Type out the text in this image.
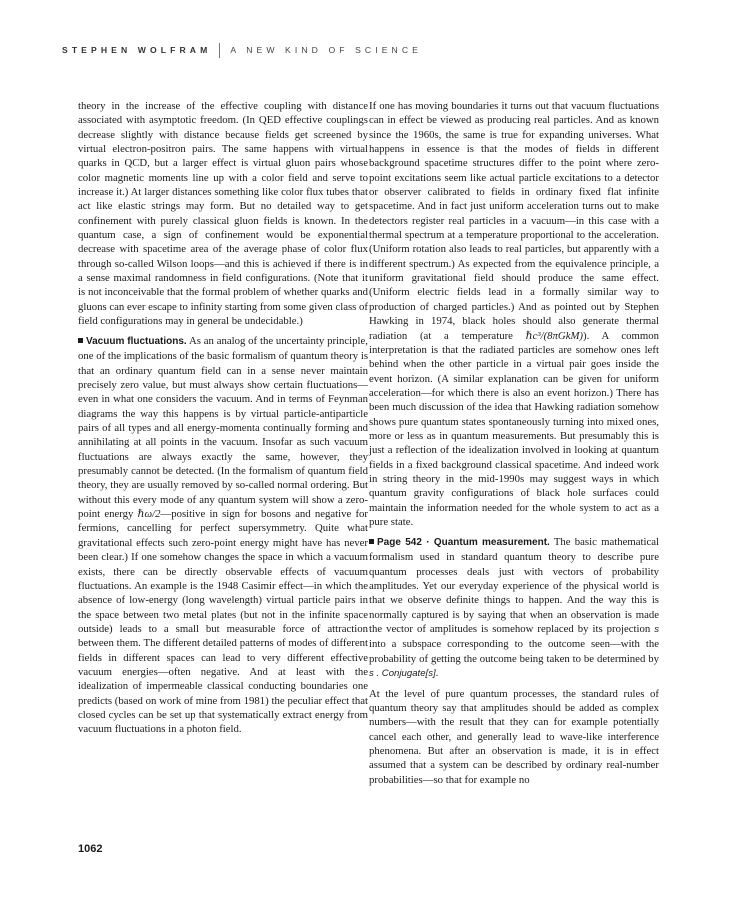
STEPHEN WOLFRAM A NEW KIND OF SCIENCE

theory in the increase of the effective coupling with distance associated with asymptotic freedom. (In QED effective couplings decrease slightly with distance because fields get screened by virtual electron-positron pairs. The same happens with virtual quarks in QCD, but a larger effect is virtual gluon pairs whose color magnetic moments line up with a color field and serve to increase it.) At larger distances something like color flux tubes that act like elastic strings may form. But no detailed way to get confinement with purely classical gluon fields is known. In the quantum case, a sign of confinement would be exponential decrease with spacetime area of the average phase of color flux through so-called Wilson loops—and this is achieved if there is in a sense maximal randomness in field configurations. (Note that it is not inconceivable that the formal problem of whether quarks and gluons can ever escape to infinity starting from some given class of field configurations may in general be undecidable.)

Vacuum fluctuations. As an analog of the uncertainty principle, one of the implications of the basic formalism of quantum theory is that an ordinary quantum field can in a sense never maintain precisely zero value, but must always show certain fluctuations—even in what one considers the vacuum. And in terms of Feynman diagrams the way this happens is by virtual particle-antiparticle pairs of all types and all energy-momenta continually forming and annihilating at all points in the vacuum. Insofar as such vacuum fluctuations are always exactly the same, however, they presumably cannot be detected. (In the formalism of quantum field theory, they are usually removed by so-called normal ordering. But without this every mode of any quantum system will show a zero-point energy ℏω/2—positive in sign for bosons and negative for fermions, cancelling for perfect supersymmetry. Quite what gravitational effects such zero-point energy might have has never been clear.) If one somehow changes the space in which a vacuum exists, there can be directly observable effects of vacuum fluctuations. An example is the 1948 Casimir effect—in which the absence of low-energy (long wavelength) virtual particle pairs in the space between two metal plates (but not in the infinite space outside) leads to a small but measurable force of attraction between them. The different detailed patterns of modes of different fields in different spaces can lead to very different effective vacuum energies—often negative. And at least with the idealization of impermeable classical conducting boundaries one predicts (based on work of mine from 1981) the peculiar effect that closed cycles can be set up that systematically extract energy from vacuum fluctuations in a photon field.

If one has moving boundaries it turns out that vacuum fluctuations can in effect be viewed as producing real particles. And as known since the 1960s, the same is true for expanding universes. What happens in essence is that the modes of fields in different background spacetime structures differ to the point where zero-point excitations seem like actual particle excitations to a detector or observer calibrated to fields in ordinary fixed flat infinite spacetime. And in fact just uniform acceleration turns out to make detectors register real particles in a vacuum—in this case with a thermal spectrum at a temperature proportional to the acceleration. (Uniform rotation also leads to real particles, but apparently with a different spectrum.) As expected from the equivalence principle, a uniform gravitational field should produce the same effect. (Uniform electric fields lead in a formally similar way to production of charged particles.) And as pointed out by Stephen Hawking in 1974, black holes should also generate thermal radiation (at a temperature ℏc³/(8πGkM)). A common interpretation is that the radiated particles are somehow ones left behind when the other particle in a virtual pair goes inside the event horizon. (A similar explanation can be given for uniform acceleration—for which there is also an event horizon.) There has been much discussion of the idea that Hawking radiation somehow shows pure quantum states spontaneously turning into mixed ones, more or less as in quantum measurements. But presumably this is just a reflection of the idealization involved in looking at quantum fields in a fixed background classical spacetime. And indeed work in string theory in the mid-1990s may suggest ways in which quantum gravity configurations of black hole surfaces could maintain the information needed for the whole system to act as a pure state.

Page 542 · Quantum measurement. The basic mathematical formalism used in standard quantum theory to describe pure quantum processes deals just with vectors of probability amplitudes. Yet our everyday experience of the physical world is that we observe definite things to happen. And the way this is normally captured is by saying that when an observation is made the vector of amplitudes is somehow replaced by its projection s into a subspace corresponding to the outcome seen—with the probability of getting the outcome being taken to be determined by s . Conjugate[s].

At the level of pure quantum processes, the standard rules of quantum theory say that amplitudes should be added as complex numbers—with the result that they can for example potentially cancel each other, and generally lead to wave-like interference phenomena. But after an observation is made, it is in effect assumed that a system can be described by ordinary real-number probabilities—so that for example no

1062
